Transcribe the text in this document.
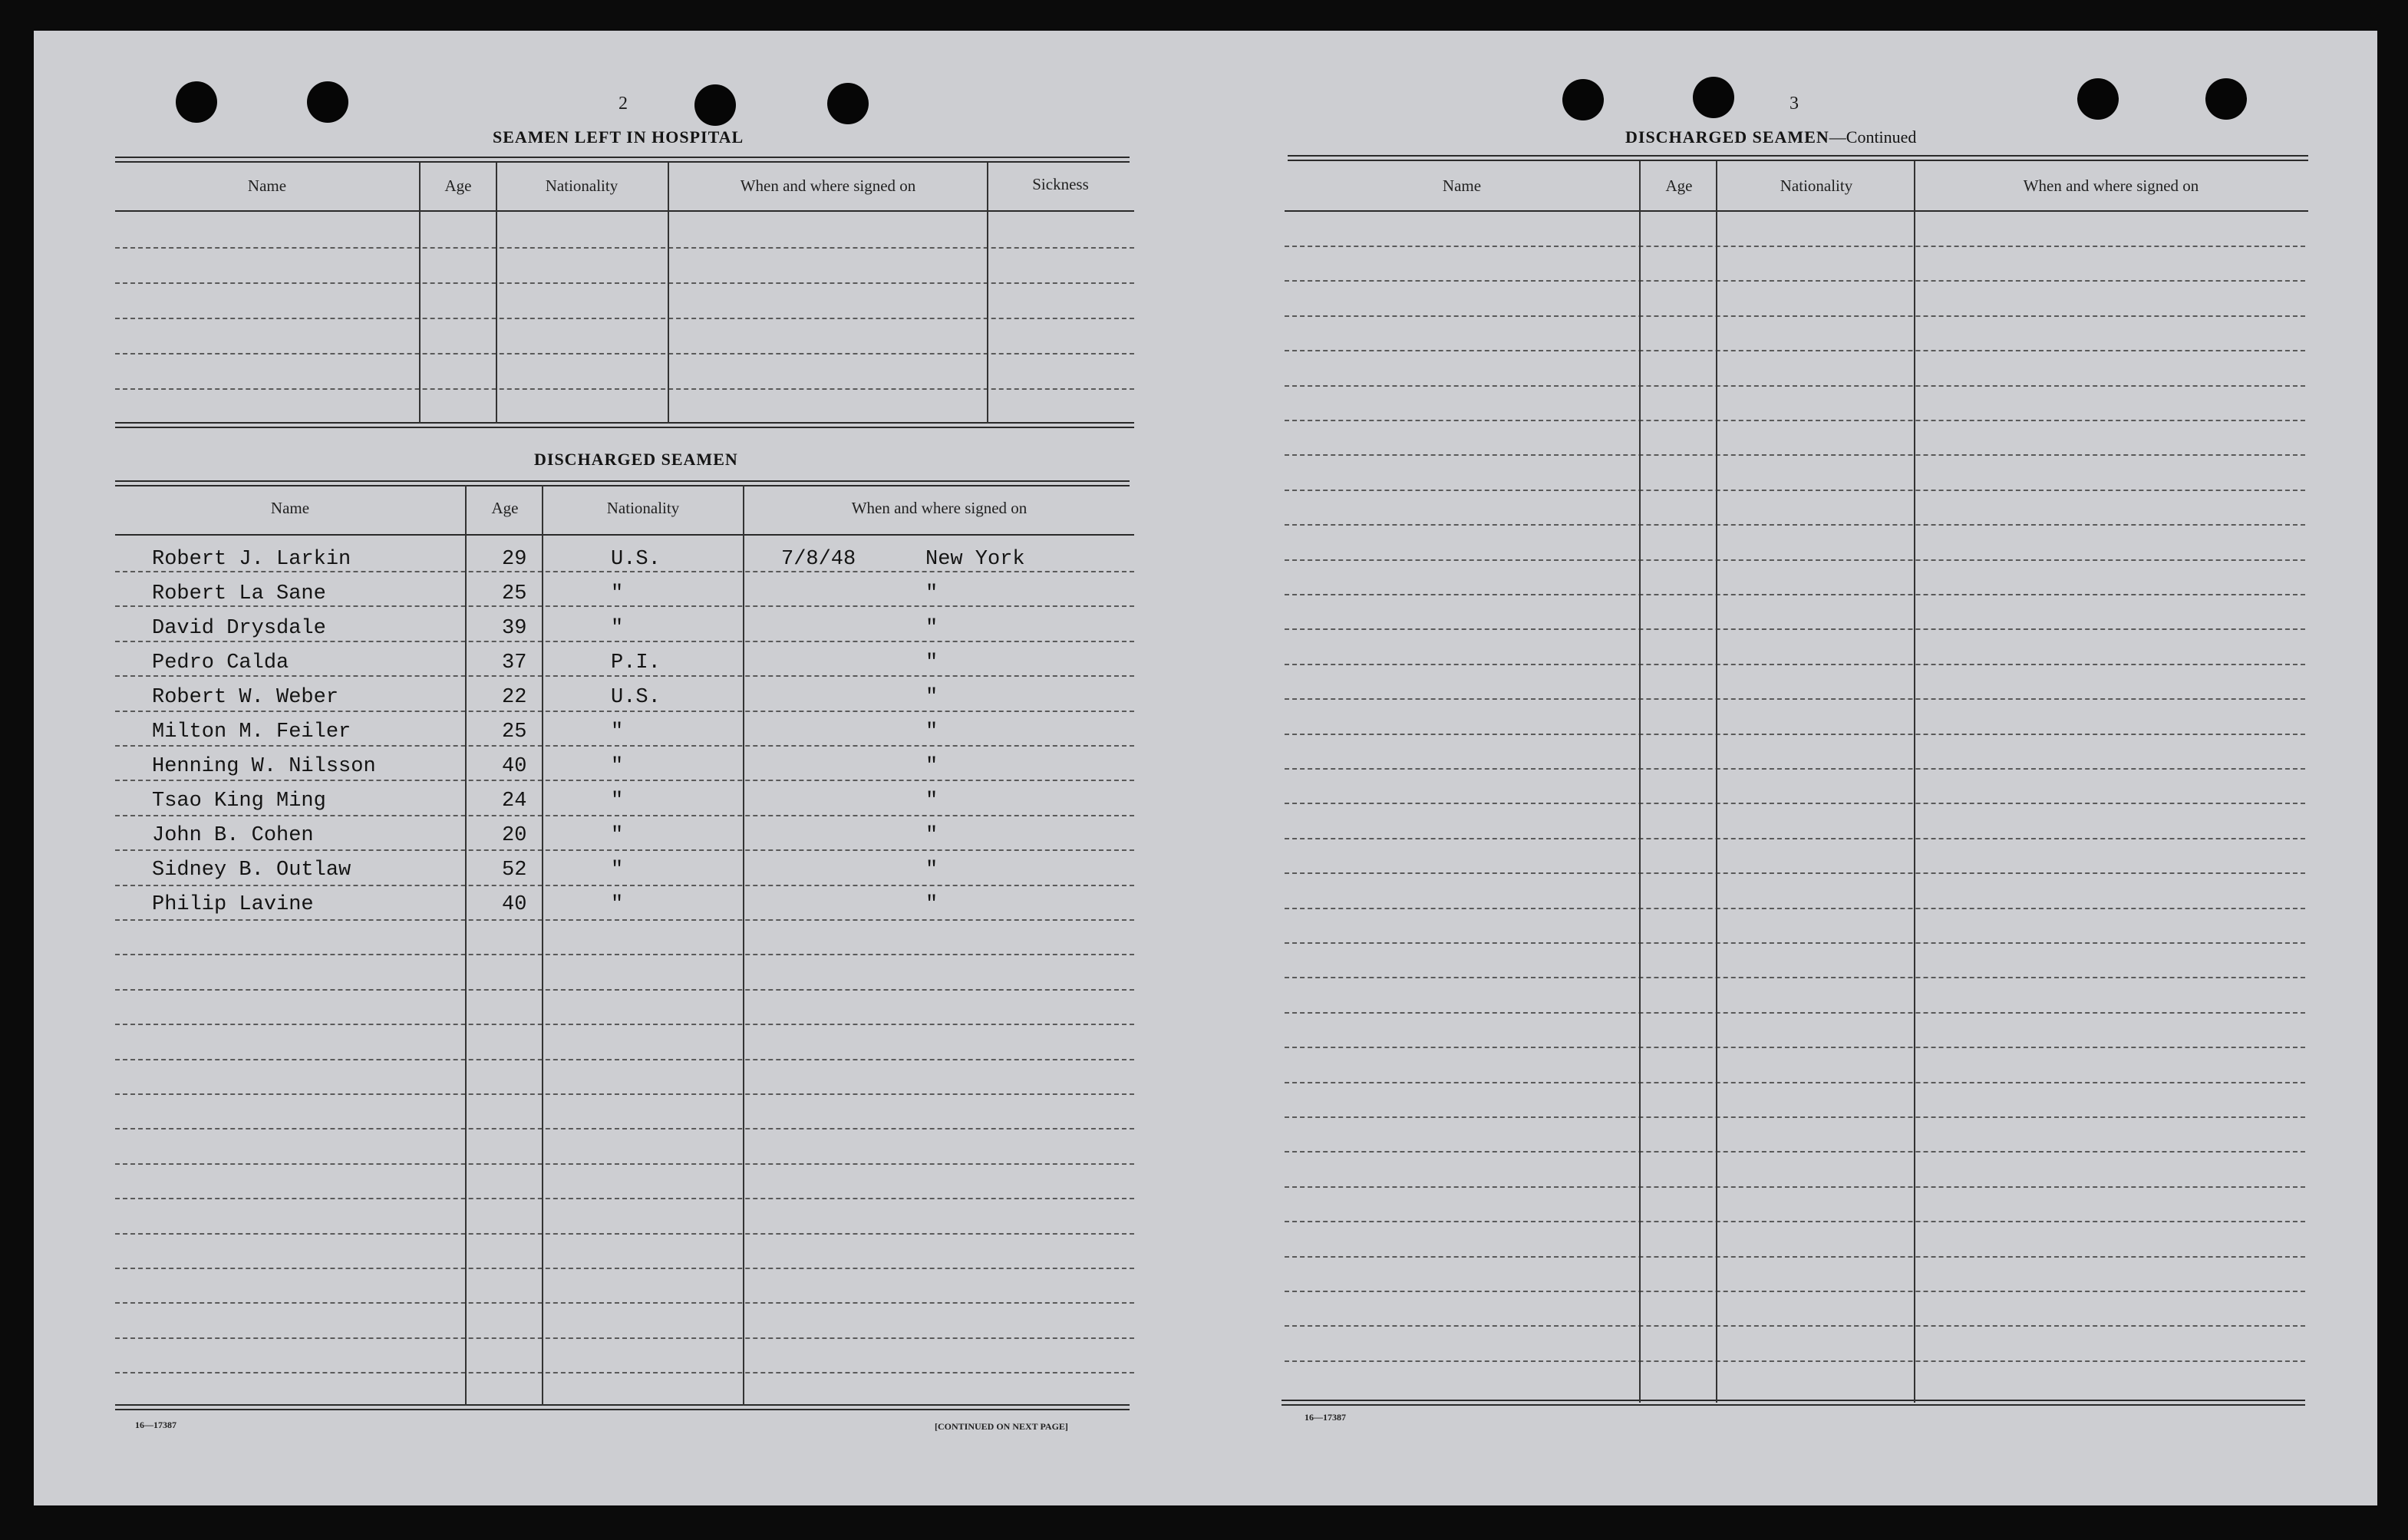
2
SEAMEN LEFT IN HOSPITAL
Name	Age	Nationality	When and where signed on	Sickness
DISCHARGED SEAMEN
Name	Age	Nationality	When and where signed on
Robert J. Larkin	29	U.S.	7/8/48	New York
Robert La Sane	25	"	"
David Drysdale	39	"	"
Pedro Calda	37	P.I.	"
Robert W. Weber	22	U.S.	"
Milton M. Feiler	25	"	"
Henning W. Nilsson	40	"	"
Tsao King Ming	24	"	"
John B. Cohen	20	"	"
Sidney B. Outlaw	52	"	"
Philip Lavine	40	"	"
16—17387	[CONTINUED ON NEXT PAGE]
3
DISCHARGED SEAMEN—Continued
Name	Age	Nationality	When and where signed on
16—17387
